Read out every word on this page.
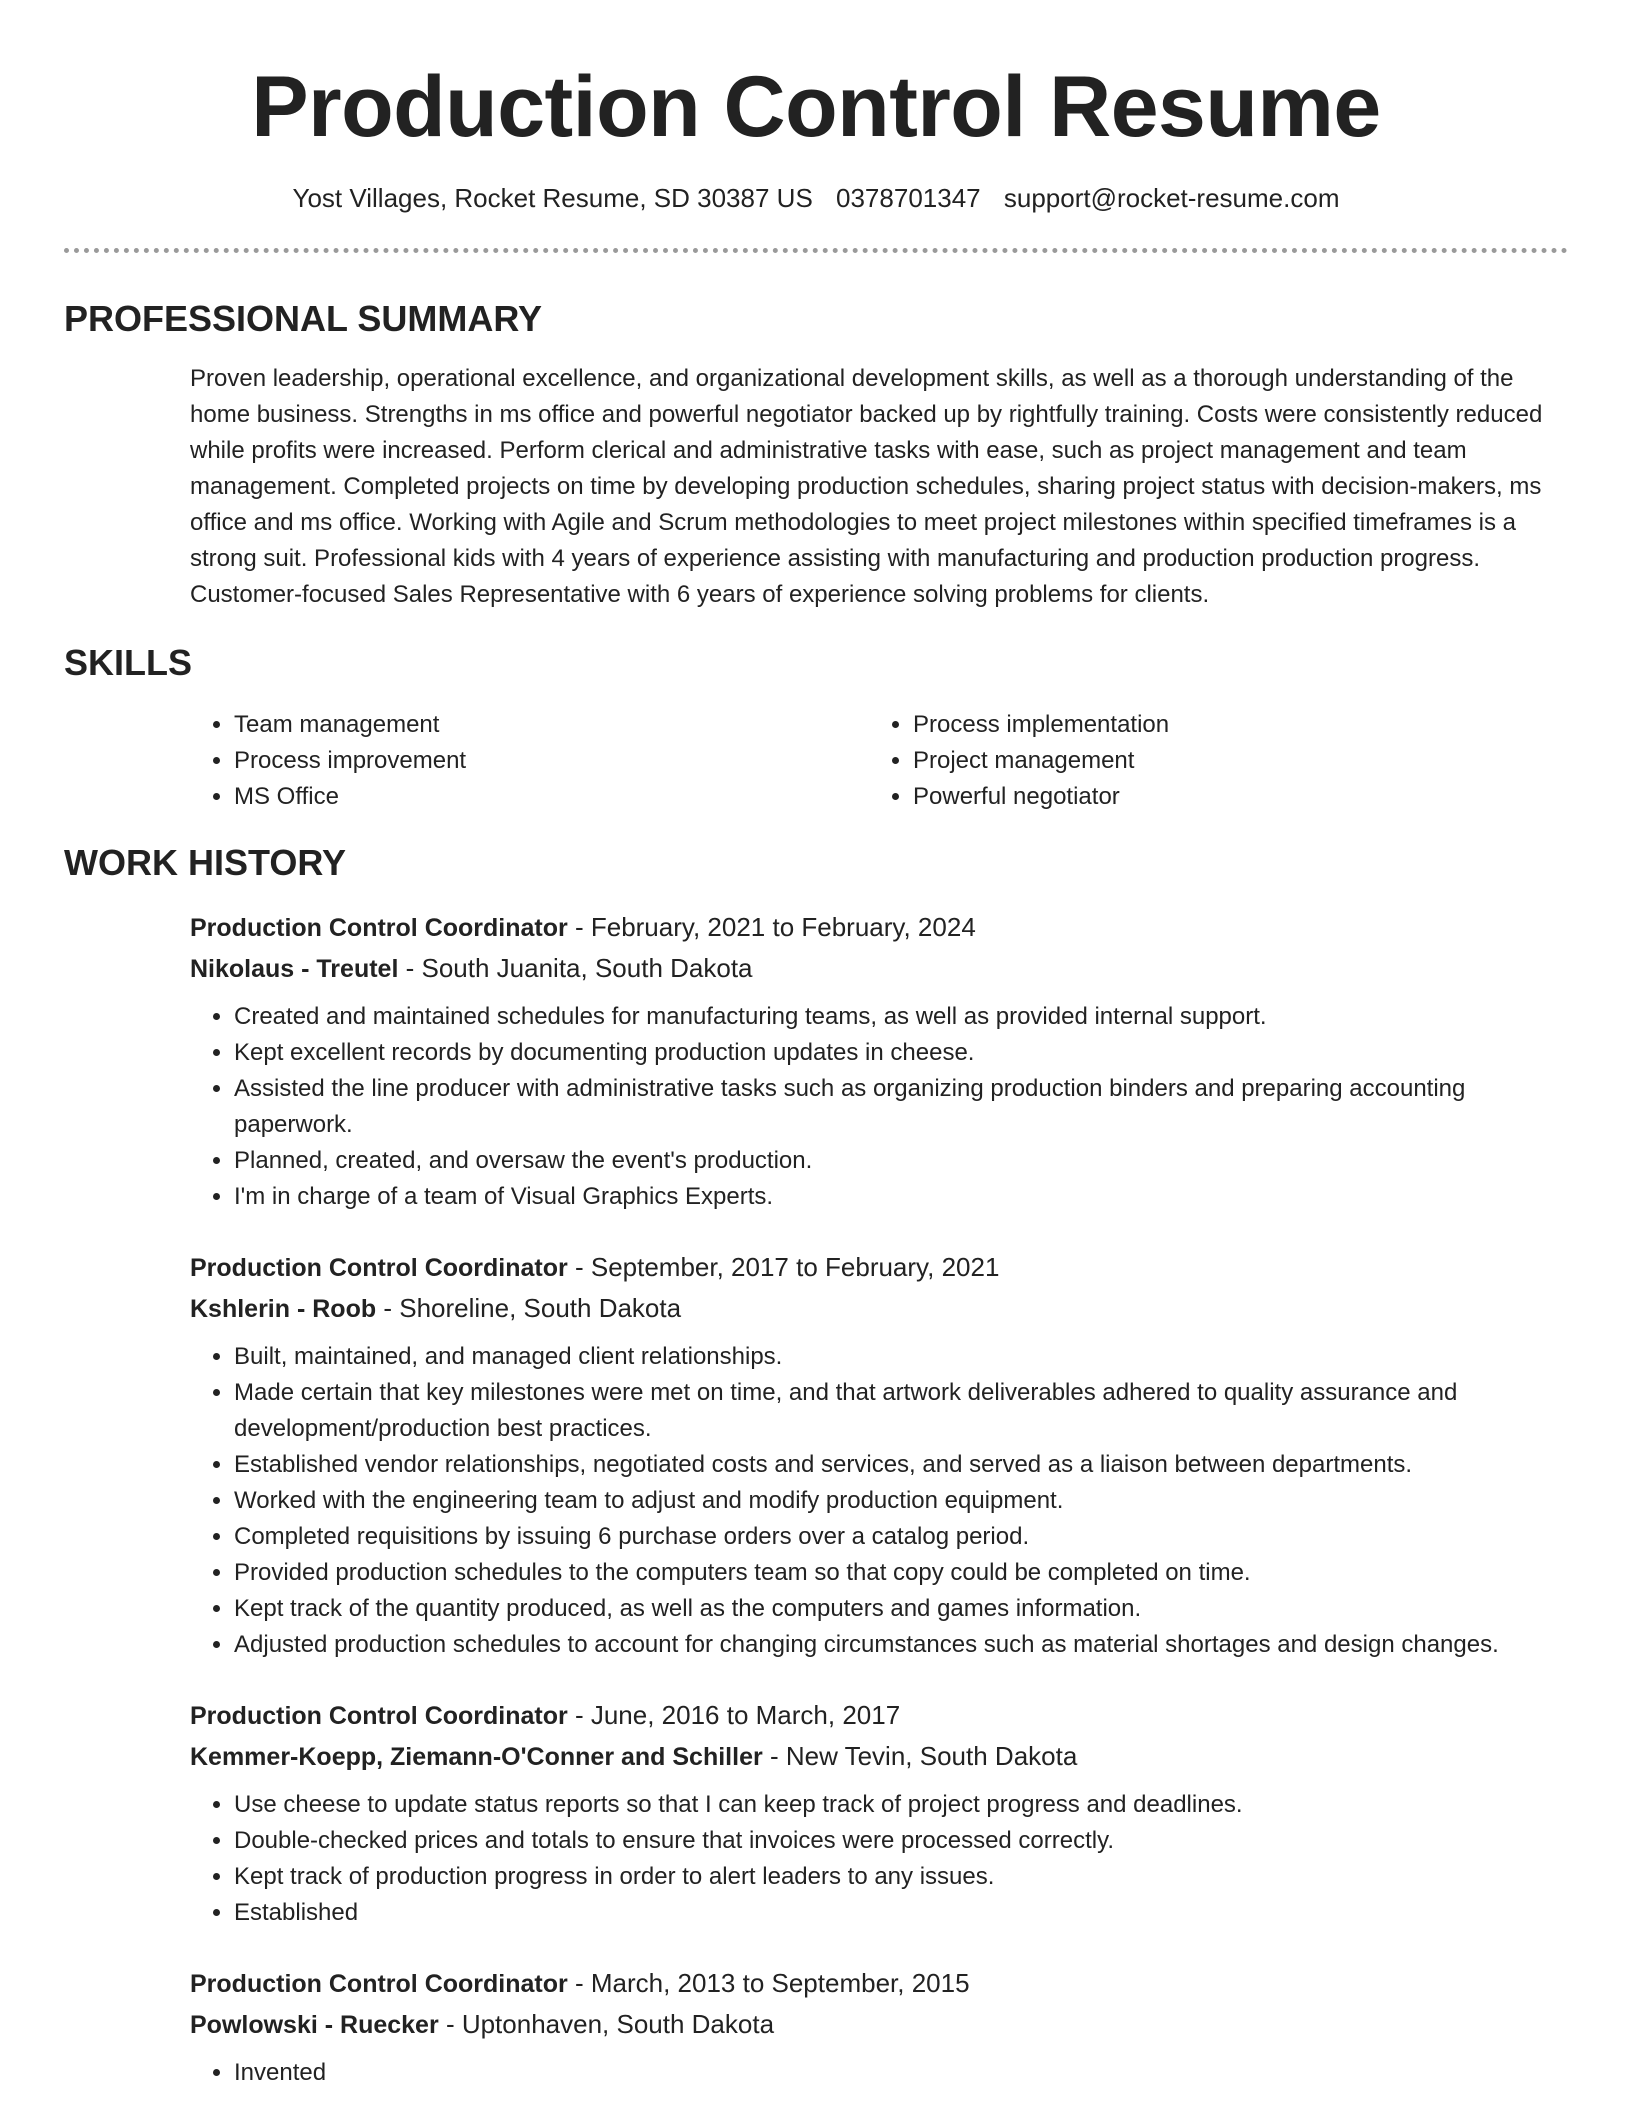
Production Control Resume
Yost Villages, Rocket Resume, SD 30387 US 0378701347 support@rocket-resume.com
PROFESSIONAL SUMMARY

Proven leadership, operational excellence, and organizational development skills, as well as a thorough understanding of the home business. Strengths in ms office and powerful negotiator backed up by rightfully training. Costs were consistently reduced while profits were increased. Perform clerical and administrative tasks with ease, such as project management and team management. Completed projects on time by developing production schedules, sharing project status with decision-makers, ms office and ms office. Working with Agile and Scrum methodologies to meet project milestones within specified timeframes is a strong suit. Professional kids with 4 years of experience assisting with manufacturing and production production progress. Customer-focused Sales Representative with 6 years of experience solving problems for clients.

SKILLS
• Team management
• Process improvement
• MS Office
• Process implementation
• Project management
• Powerful negotiator
WORK HISTORY
Production Control Coordinator - February, 2021 to February, 2024
Nikolaus - Treutel - South Juanita, South Dakota
• Created and maintained schedules for manufacturing teams, as well as provided internal support.
• Kept excellent records by documenting production updates in cheese.
• Assisted the line producer with administrative tasks such as organizing production binders and preparing accounting paperwork.
• Planned, created, and oversaw the event's production.
• I'm in charge of a team of Visual Graphics Experts.
Production Control Coordinator - September, 2017 to February, 2021
Kshlerin - Roob - Shoreline, South Dakota
• Built, maintained, and managed client relationships.
• Made certain that key milestones were met on time, and that artwork deliverables adhered to quality assurance and development/production best practices.
• Established vendor relationships, negotiated costs and services, and served as a liaison between departments.
• Worked with the engineering team to adjust and modify production equipment.
• Completed requisitions by issuing 6 purchase orders over a catalog period.
• Provided production schedules to the computers team so that copy could be completed on time.
• Kept track of the quantity produced, as well as the computers and games information.
• Adjusted production schedules to account for changing circumstances such as material shortages and design changes.
Production Control Coordinator - June, 2016 to March, 2017
Kemmer-Koepp, Ziemann-O'Conner and Schiller - New Tevin, South Dakota
• Use cheese to update status reports so that I can keep track of project progress and deadlines.
• Double-checked prices and totals to ensure that invoices were processed correctly.
• Kept track of production progress in order to alert leaders to any issues.
• Established
Production Control Coordinator - March, 2013 to September, 2015
Powlowski - Ruecker - Uptonhaven, South Dakota
• Invented
